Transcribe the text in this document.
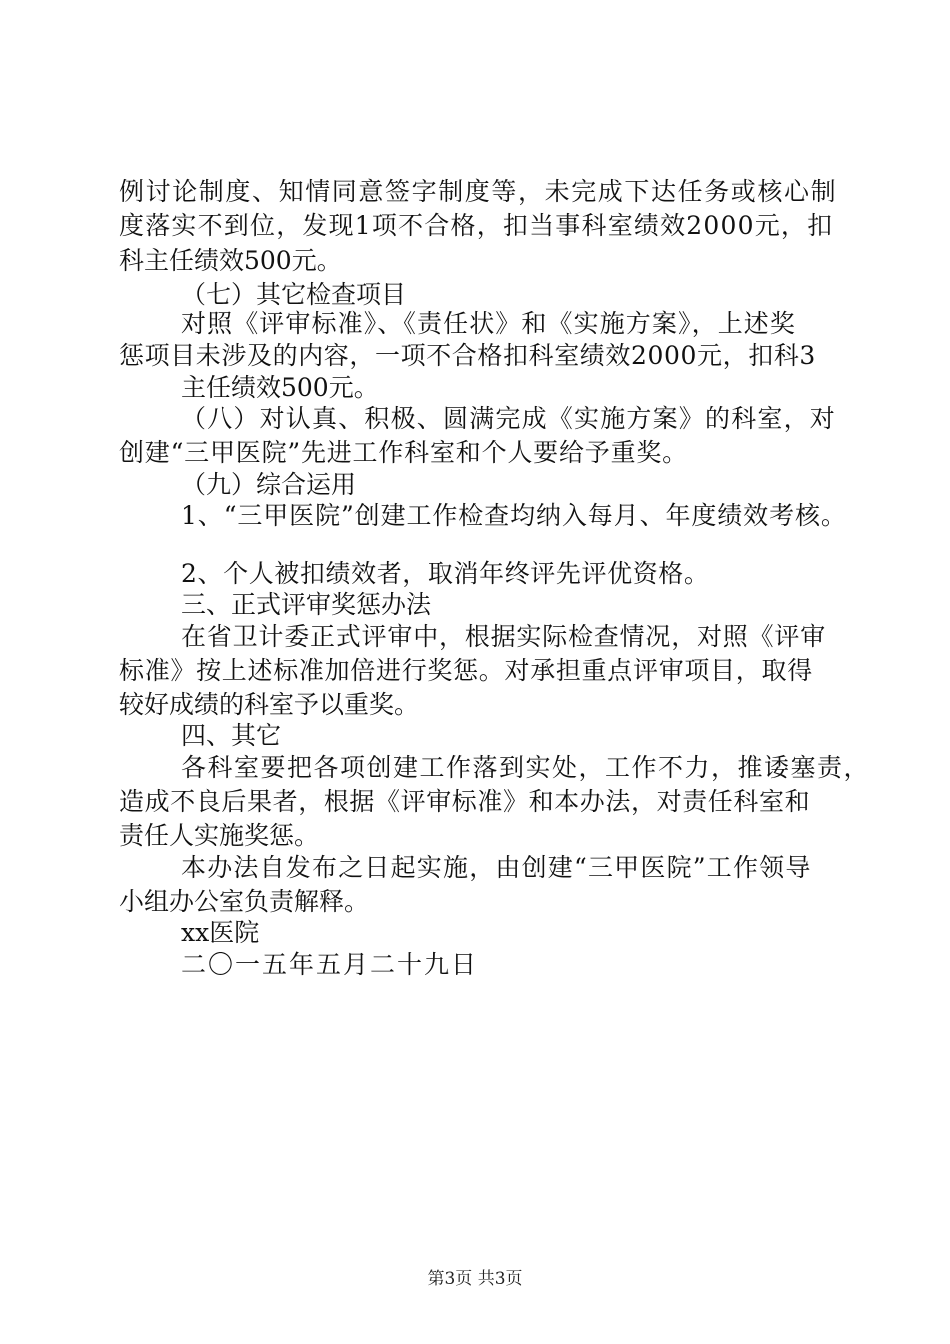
例讨论制度、知情同意签字制度等，未完成下达任务或核心制
度落实不到位，发现1项不合格，扣当事科室绩效2000元，扣
科主任绩效500元。
（七）其它检查项目
对照《评审标准》、《责任状》和《实施方案》，上述奖
惩项目未涉及的内容，一项不合格扣科室绩效2000元，扣科3
主任绩效500元。
（八）对认真、积极、圆满完成《实施方案》的科室，对
创建“三甲医院”先进工作科室和个人要给予重奖。
（九）综合运用
1、“三甲医院”创建工作检查均纳入每月、年度绩效考核。
2、个人被扣绩效者，取消年终评先评优资格。
三、正式评审奖惩办法
在省卫计委正式评审中，根据实际检查情况，对照《评审
标准》按上述标准加倍进行奖惩。对承担重点评审项目，取得
较好成绩的科室予以重奖。
四、其它
各科室要把各项创建工作落到实处，工作不力，推诿塞责，
造成不良后果者，根据《评审标准》和本办法，对责任科室和
责任人实施奖惩。
本办法自发布之日起实施，由创建“三甲医院”工作领导
小组办公室负责解释。
xx医院
二〇一五年五月二十九日
第3页 共3页
